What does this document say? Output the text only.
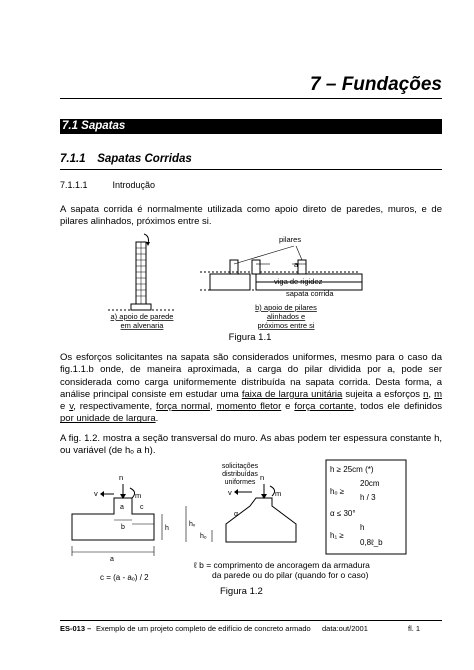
7 – Fundações
7.1 Sapatas
7.1.1 Sapatas Corridas
7.1.1.1	Introdução
A sapata corrida é normalmente utilizada como apoio direto de paredes, muros, e de pilares alinhados, próximos entre si.
pilares
a
viga de rigidez
sapata corrida
a) apoio de parede
em alvenaria
b) apoio de pilares
alinhados e
próximos entre si
Figura 1.1
Os esforços solicitantes na sapata são considerados uniformes, mesmo para o caso da fig.1.1.b onde, de maneira aproximada, a carga do pilar dividida por a, pode ser considerada como carga uniformemente distribuída na sapata corrida. Desta forma, a análise principal consiste em estudar uma faixa de largura unitária sujeita a esforços n, m e v, respectivamente, força normal, momento fletor e força cortante, todos ele definidos por unidade de largura.
A fig. 1.2. mostra a seção transversal do muro. As abas podem ter espessura constante h, ou variável (de hₒ a h).
n
v	m
a
b
c
a
h
c = (a - aₒ) / 2
n
v	m
α
hᵥ
hₒ
solicitações
distribuídas
uniformes
h ≥ 25cm (*)
hₒ ≥
20cm
h / 3
α ≤ 30°
h₁ ≥
h
0,8ℓ_b
ℓ b = comprimento de ancoragem da armadura
da parede ou do pilar (quando for o caso)
Figura 1.2
ES-013 – Exemplo de um projeto completo de edifício de concreto armado data:out/2001	fl. 1
